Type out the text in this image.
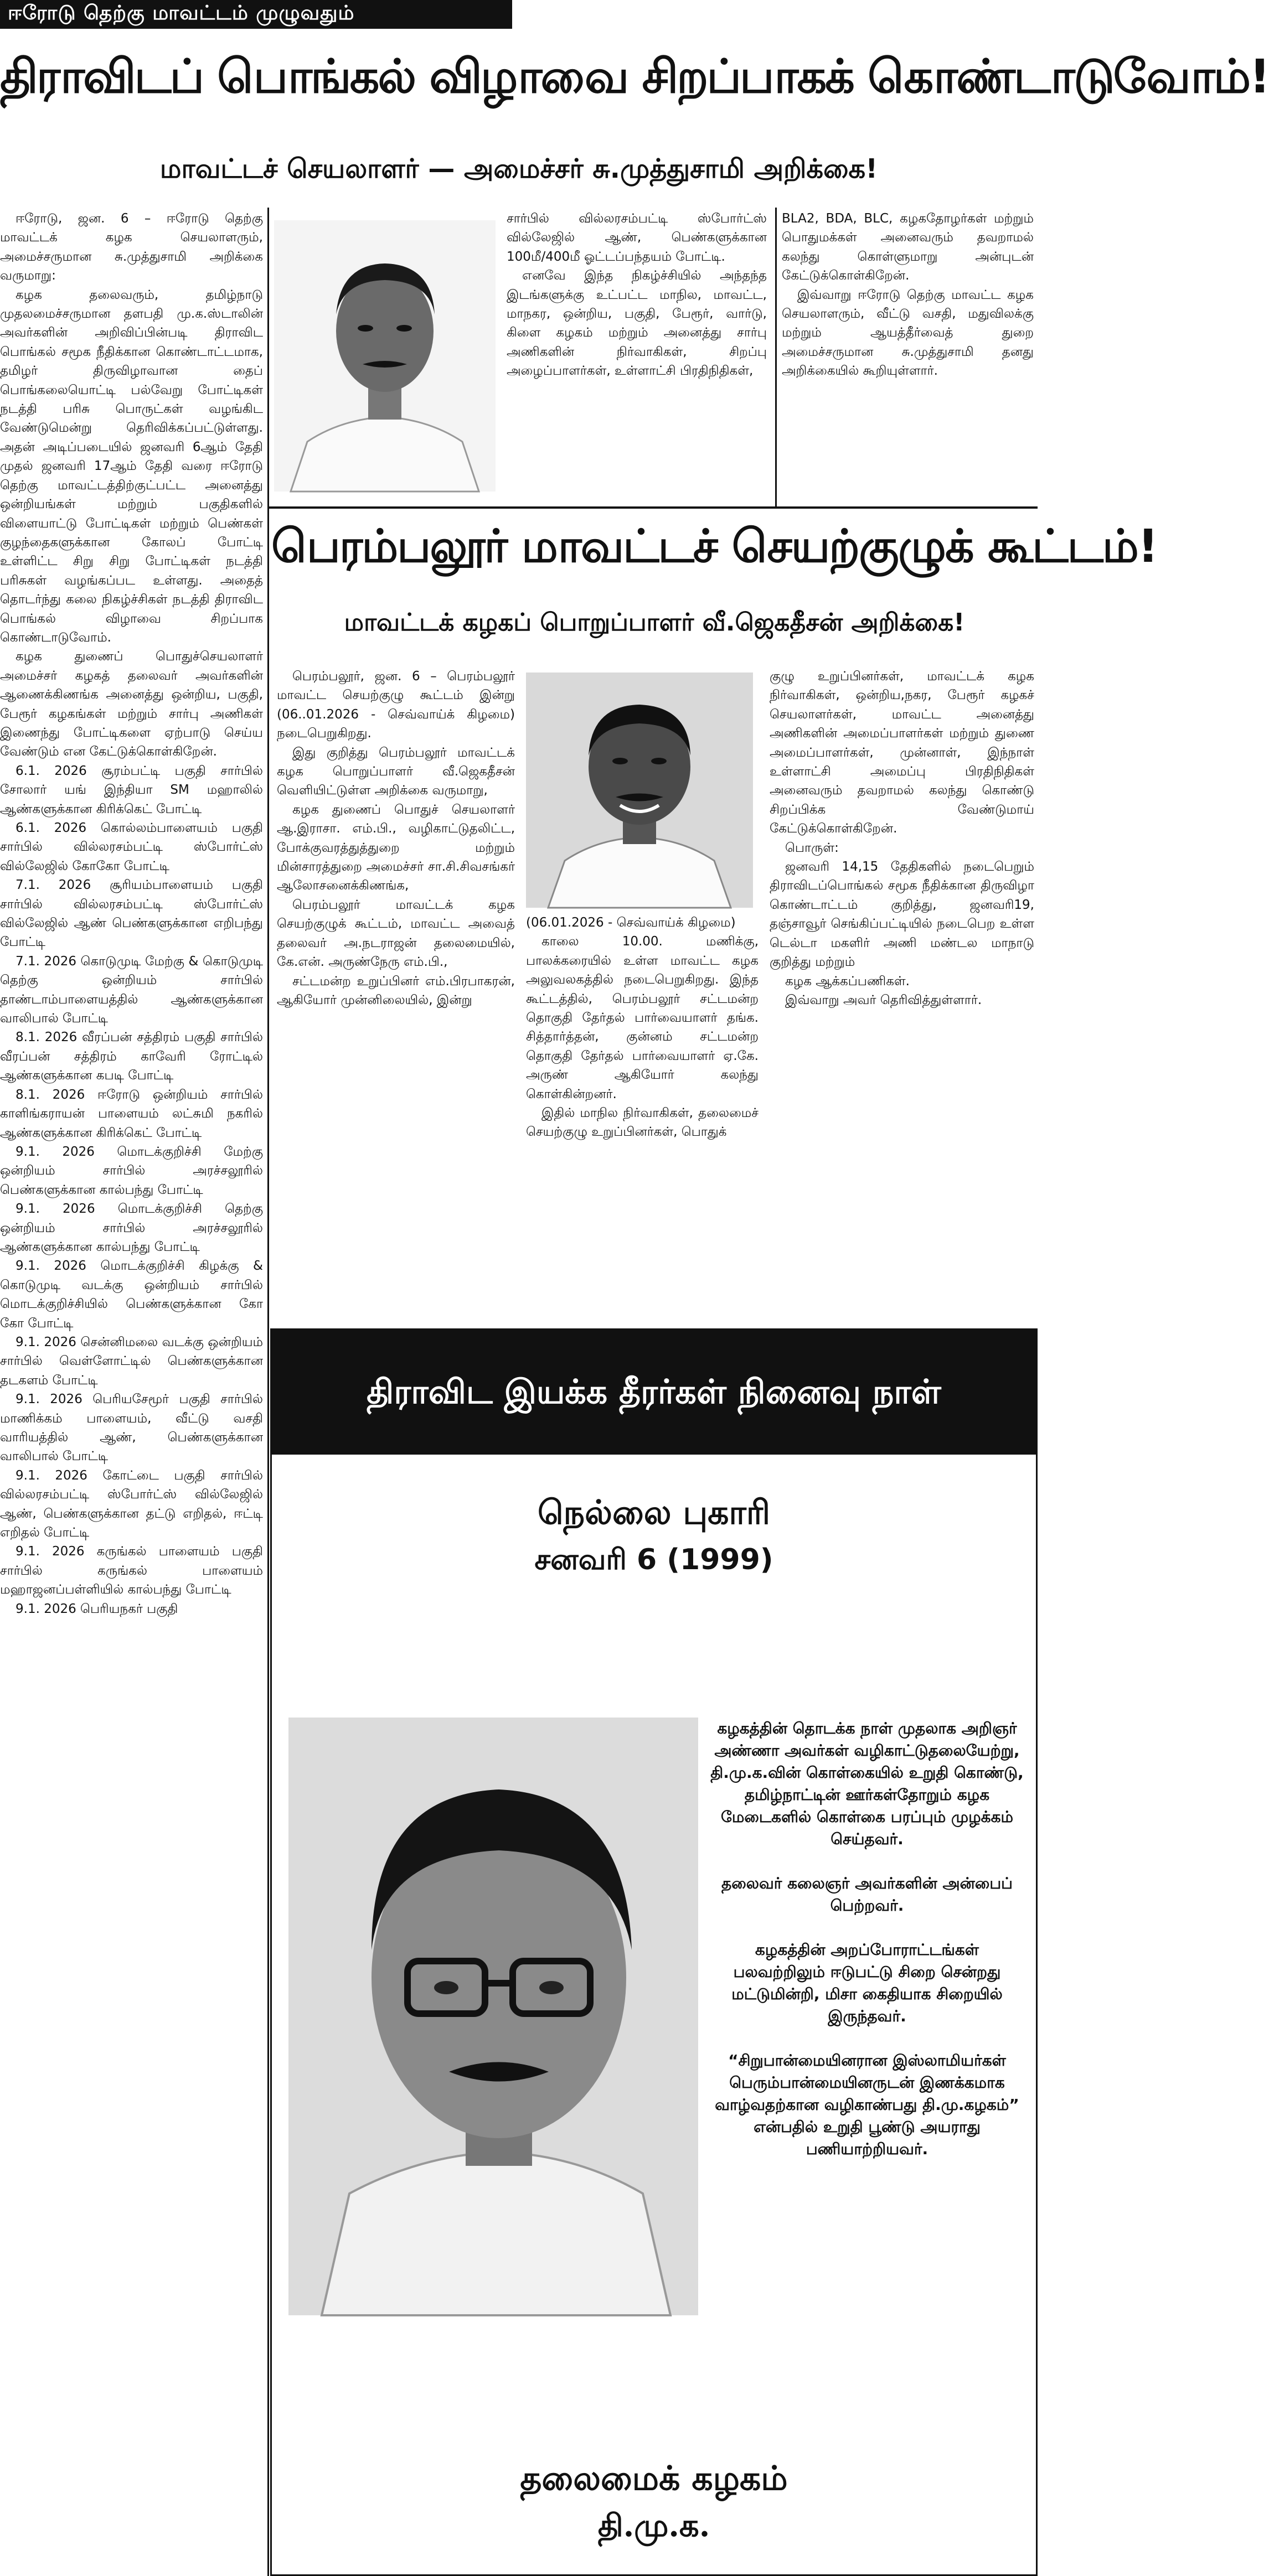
ஈரோடு தெற்கு மாவட்டம் முழுவதும்
திராவிடப் பொங்கல் விழாவை சிறப்பாகக் கொண்டாடுவோம்!
மாவட்டச் செயலாளர் — அமைச்சர் சு.முத்துசாமி அறிக்கை!

ஈரோடு, ஜன. 6 – ஈரோடு தெற்கு மாவட்டக் கழக செயலாளரும், அமைச்சருமான சு.முத்துசாமி அறிக்கை வருமாறு:

கழக தலைவரும், தமிழ்நாடு முதலமைச்சருமான தளபதி மு.க.ஸ்டாலின் அவர்களின் அறிவிப்பின்படி திராவிட பொங்கல் சமூக நீதிக்கான கொண்டாட்டமாக, தமிழர் திருவிழாவான தைப் பொங்கலையொட்டி பல்வேறு போட்டிகள் நடத்தி பரிசு பொருட்கள் வழங்கிட வேண்டுமென்று தெரிவிக்கப்பட்டுள்ளது. அதன் அடிப்படையில் ஜனவரி 6ஆம் தேதி முதல் ஜனவரி 17ஆம் தேதி வரை ஈரோடு தெற்கு மாவட்டத்திற்குட்பட்ட அனைத்து ஒன்றியங்கள் மற்றும் பகுதிகளில் விளையாட்டு போட்டிகள் மற்றும் பெண்கள் குழந்தைகளுக்கான கோலப் போட்டி உள்ளிட்ட சிறு சிறு போட்டிகள் நடத்தி பரிசுகள் வழங்கப்பட உள்ளது. அதைத் தொடர்ந்து கலை நிகழ்ச்சிகள் நடத்தி திராவிட பொங்கல் விழாவை சிறப்பாக கொண்டாடுவோம்.

கழக துணைப் பொதுச்செயலாளர் அமைச்சர் கழகத் தலைவர் அவர்களின் ஆணைக்கிணங்க அனைத்து ஒன்றிய, பகுதி, பேரூர் கழகங்கள் மற்றும் சார்பு அணிகள் இணைந்து போட்டிகளை ஏற்பாடு செய்ய வேண்டும் என கேட்டுக்கொள்கிறேன்.

6.1. 2026 சூரம்பட்டி பகுதி சார்பில் சோலார் யங் இந்தியா SM மஹாலில் ஆண்களுக்கான கிரிக்கெட் போட்டி

6.1. 2026 கொல்லம்பாளையம் பகுதி சார்பில் வில்லரசம்பட்டி ஸ்போர்ட்ஸ் வில்லேஜில் கோகோ போட்டி

7.1. 2026 சூரியம்பாளையம் பகுதி சார்பில் வில்லரசம்பட்டி ஸ்போர்ட்ஸ் வில்லேஜில் ஆண் பெண்களுக்கான எறிபந்து போட்டி

7.1. 2026 கொடுமுடி மேற்கு & கொடுமுடி தெற்கு ஒன்றியம் சார்பில் தாண்டாம்பாளையத்தில் ஆண்களுக்கான வாலிபால் போட்டி

8.1. 2026 வீரப்பன் சத்திரம் பகுதி சார்பில் வீரப்பன் சத்திரம் காவேரி ரோட்டில் ஆண்களுக்கான கபடி போட்டி

8.1. 2026 ஈரோடு ஒன்றியம் சார்பில் காளிங்கராயன் பாளையம் லட்சுமி நகரில் ஆண்களுக்கான கிரிக்கெட் போட்டி

9.1. 2026 மொடக்குறிச்சி மேற்கு ஒன்றியம் சார்பில் அரச்சலூரில் பெண்களுக்கான கால்பந்து போட்டி

9.1. 2026 மொடக்குறிச்சி தெற்கு ஒன்றியம் சார்பில் அரச்சலூரில் ஆண்களுக்கான கால்பந்து போட்டி

9.1. 2026 மொடக்குறிச்சி கிழக்கு & கொடுமுடி வடக்கு ஒன்றியம் சார்பில் மொடக்குறிச்சியில் பெண்களுக்கான கோ கோ போட்டி

9.1. 2026 சென்னிமலை வடக்கு ஒன்றியம் சார்பில் வெள்ளோட்டில் பெண்களுக்கான தடகளம் போட்டி

9.1. 2026 பெரியசேமூர் பகுதி சார்பில் மாணிக்கம் பாளையம், வீட்டு வசதி வாரியத்தில் ஆண், பெண்களுக்கான வாலிபால் போட்டி

9.1. 2026 கோட்டை பகுதி சார்பில் வில்லரசம்பட்டி ஸ்போர்ட்ஸ் வில்லேஜில் ஆண், பெண்களுக்கான தட்டு எறிதல், ஈட்டி எறிதல் போட்டி

9.1. 2026 கருங்கல் பாளையம் பகுதி சார்பில் கருங்கல் பாளையம் மஹாஜனப்பள்ளியில் கால்பந்து போட்டி

9.1. 2026 பெரியநகர் பகுதி

சார்பில் வில்லரசம்பட்டி ஸ்போர்ட்ஸ் வில்லேஜில் ஆண், பெண்களுக்கான 100மீ/400மீ ஓட்டப்பந்தயம் போட்டி.

எனவே இந்த நிகழ்ச்சியில் அந்தந்த இடங்களுக்கு உட்பட்ட மாநில, மாவட்ட, மாநகர, ஒன்றிய, பகுதி, பேரூர், வார்டு, கிளை கழகம் மற்றும் அனைத்து சார்பு அணிகளின் நிர்வாகிகள், சிறப்பு அழைப்பாளர்கள், உள்ளாட்சி பிரதிநிதிகள்,

BLA2, BDA, BLC, கழகதோழர்கள் மற்றும் பொதுமக்கள் அனைவரும் தவறாமல் கலந்து கொள்ளுமாறு அன்புடன் கேட்டுக்கொள்கிறேன்.

இவ்வாறு ஈரோடு தெற்கு மாவட்ட கழக செயலாளரும், வீட்டு வசதி, மதுவிலக்கு மற்றும் ஆயத்தீர்வைத் துறை அமைச்சருமான சு.முத்துசாமி தனது அறிக்கையில் கூறியுள்ளார்.

பெரம்பலூர் மாவட்டச் செயற்குழுக் கூட்டம்!
மாவட்டக் கழகப் பொறுப்பாளர் வீ.ஜெகதீசன் அறிக்கை!

பெரம்பலூர், ஜன. 6 – பெரம்பலூர் மாவட்ட செயற்குழு கூட்டம் இன்று (06..01.2026 - செவ்வாய்க் கிழமை) நடைபெறுகிறது.

இது குறித்து பெரம்பலூர் மாவட்டக் கழக பொறுப்பாளர் வீ.ஜெகதீசன் வெளியிட்டுள்ள அறிக்கை வருமாறு,

கழக துணைப் பொதுச் செயலாளர் ஆ.இராசா. எம்.பி., வழிகாட்டுதலிட்ட, போக்குவரத்துத்துறை மற்றும் மின்சாரத்துறை அமைச்சர் சா.சி.சிவசங்கர் ஆலோசனைக்கிணங்க,

பெரம்பலூர் மாவட்டக் கழக செயற்குழுக் கூட்டம், மாவட்ட அவைத் தலைவர் அ.நடராஜன் தலைமையில், கே.என். அருண்நேரு எம்.பி.,

சட்டமன்ற உறுப்பினர் எம்.பிரபாகரன், ஆகியோர் முன்னிலையில், இன்று

(06.01.2026 - செவ்வாய்க் கிழமை)

காலை 10.00. மணிக்கு, பாலக்கரையில் உள்ள மாவட்ட கழக அலுவலகத்தில் நடைபெறுகிறது. இந்த கூட்டத்தில், பெரம்பலூர் சட்டமன்ற தொகுதி தேர்தல் பார்வையாளர் தங்க. சித்தார்த்தன், குன்னம் சட்டமன்ற தொகுதி தேர்தல் பார்வையாளர் ஏ.கே. அருண் ஆகியோர் கலந்து கொள்கின்றனர்.

இதில் மாநில நிர்வாகிகள், தலைமைச் செயற்குழு உறுப்பினர்கள், பொதுக்

குழு உறுப்பினர்கள், மாவட்டக் கழக நிர்வாகிகள், ஒன்றிய,நகர, பேரூர் கழகச் செயலாளர்கள், மாவட்ட அனைத்து அணிகளின் அமைப்பாளர்கள் மற்றும் துணை அமைப்பாளர்கள், முன்னாள், இந்நாள் உள்ளாட்சி அமைப்பு பிரதிநிதிகள் அனைவரும் தவறாமல் கலந்து கொண்டு சிறப்பிக்க வேண்டுமாய் கேட்டுக்கொள்கிறேன்.

பொருள்:

ஜனவரி 14,15 தேதிகளில் நடைபெறும் திராவிடப்பொங்கல் சமூக நீதிக்கான திருவிழா கொண்டாட்டம் குறித்து, ஜனவரி19, தஞ்சாவூர் செங்கிப்பட்டியில் நடைபெற உள்ள டெல்டா மகளிர் அணி மண்டல மாநாடு குறித்து மற்றும்

கழக ஆக்கப்பணிகள்.

இவ்வாறு அவர் தெரிவித்துள்ளார்.

திராவிட இயக்க தீரர்கள் நினைவு நாள்
நெல்லை புகாரி
சனவரி 6 (1999)

கழகத்தின் தொடக்க நாள் முதலாக அறிஞர் அண்ணா அவர்கள் வழிகாட்டுதலையேற்று, தி.மு.க.வின் கொள்கையில் உறுதி கொண்டு, தமிழ்நாட்டின் ஊர்கள்தோறும் கழக மேடைகளில் கொள்கை பரப்பும் முழக்கம் செய்தவர்.

தலைவர் கலைஞர் அவர்களின் அன்பைப் பெற்றவர்.

கழகத்தின் அறப்போராட்டங்கள் பலவற்றிலும் ஈடுபட்டு சிறை சென்றது மட்டுமின்றி, மிசா கைதியாக சிறையில் இருந்தவர்.

“சிறுபான்மையினரான இஸ்லாமியர்கள் பெரும்பான்மையினருடன் இணக்கமாக வாழ்வதற்கான வழிகாண்பது தி.மு.கழகம்” என்பதில் உறுதி பூண்டு அயராது பணியாற்றியவர்.

தலைமைக் கழகம்
தி.மு.க.
